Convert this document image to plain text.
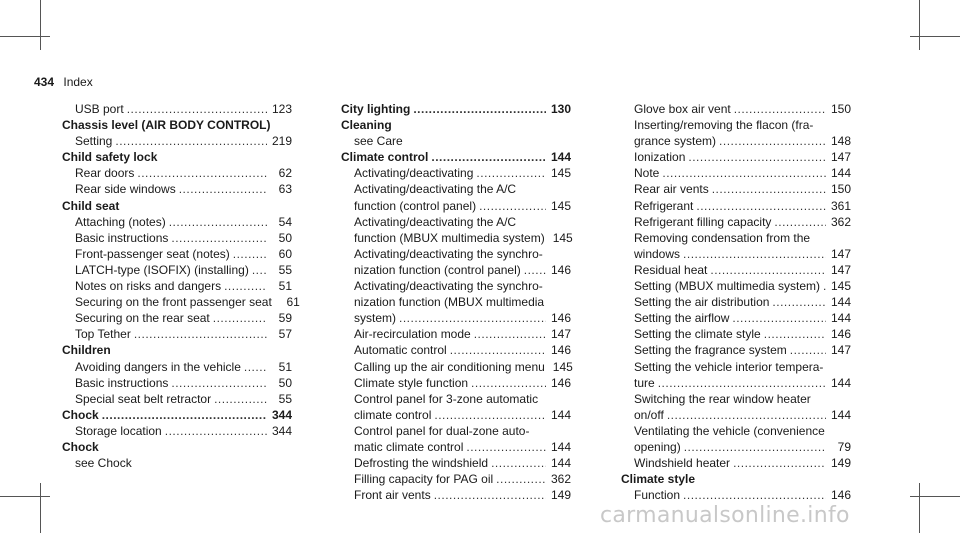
434 Index
USB port .....	123
Chassis level (AIR BODY CONTROL)
Setting .....	219
Child safety lock
Rear doors .....	62
Rear side windows .....	63
Child seat
Attaching (notes) .....	54
Basic instructions .....	50
Front-passenger seat (notes) .....	60
LATCH-type (ISOFIX) (installing) .....	55
Notes on risks and dangers .....	51
Securing on the front passenger seat	61
Securing on the rear seat .....	59
Top Tether .....	57
Children
Avoiding dangers in the vehicle .....	51
Basic instructions .....	50
Special seat belt retractor .....	55
Chock .....	344
Storage location .....	344
Chock
see Chock
City lighting .....	130
Cleaning
see Care
Climate control .....	144
Activating/deactivating .....	145
Activating/deactivating the A/C
function (control panel) .....	145
Activating/deactivating the A/C
function (MBUX multimedia system) 145
Activating/deactivating the synchro-
nization function (control panel) .....	146
Activating/deactivating the synchro-
nization function (MBUX multimedia
system) .....	146
Air-recirculation mode .....	147
Automatic control .....	146
Calling up the air conditioning menu 145
Climate style function .....	146
Control panel for 3-zone automatic
climate control .....	144
Control panel for dual-zone auto-
matic climate control .....	144
Defrosting the windshield .....	144
Filling capacity for PAG oil .....	362
Front air vents .....	149
Glove box air vent .....	150
Inserting/removing the flacon (fra-
grance system) .....	148
Ionization .....	147
Note .....	144
Rear air vents .....	150
Refrigerant .....	361
Refrigerant filling capacity .....	362
Removing condensation from the
windows .....	147
Residual heat .....	147
Setting (MBUX multimedia system) ..... 145
Setting the air distribution .....	144
Setting the airflow .....	144
Setting the climate style .....	146
Setting the fragrance system .....	147
Setting the vehicle interior tempera-
ture .....	144
Switching the rear window heater
on/off .....	144
Ventilating the vehicle (convenience
opening) .....	79
Windshield heater .....	149
Climate style
Function .....	146
carmanualsonline.info
